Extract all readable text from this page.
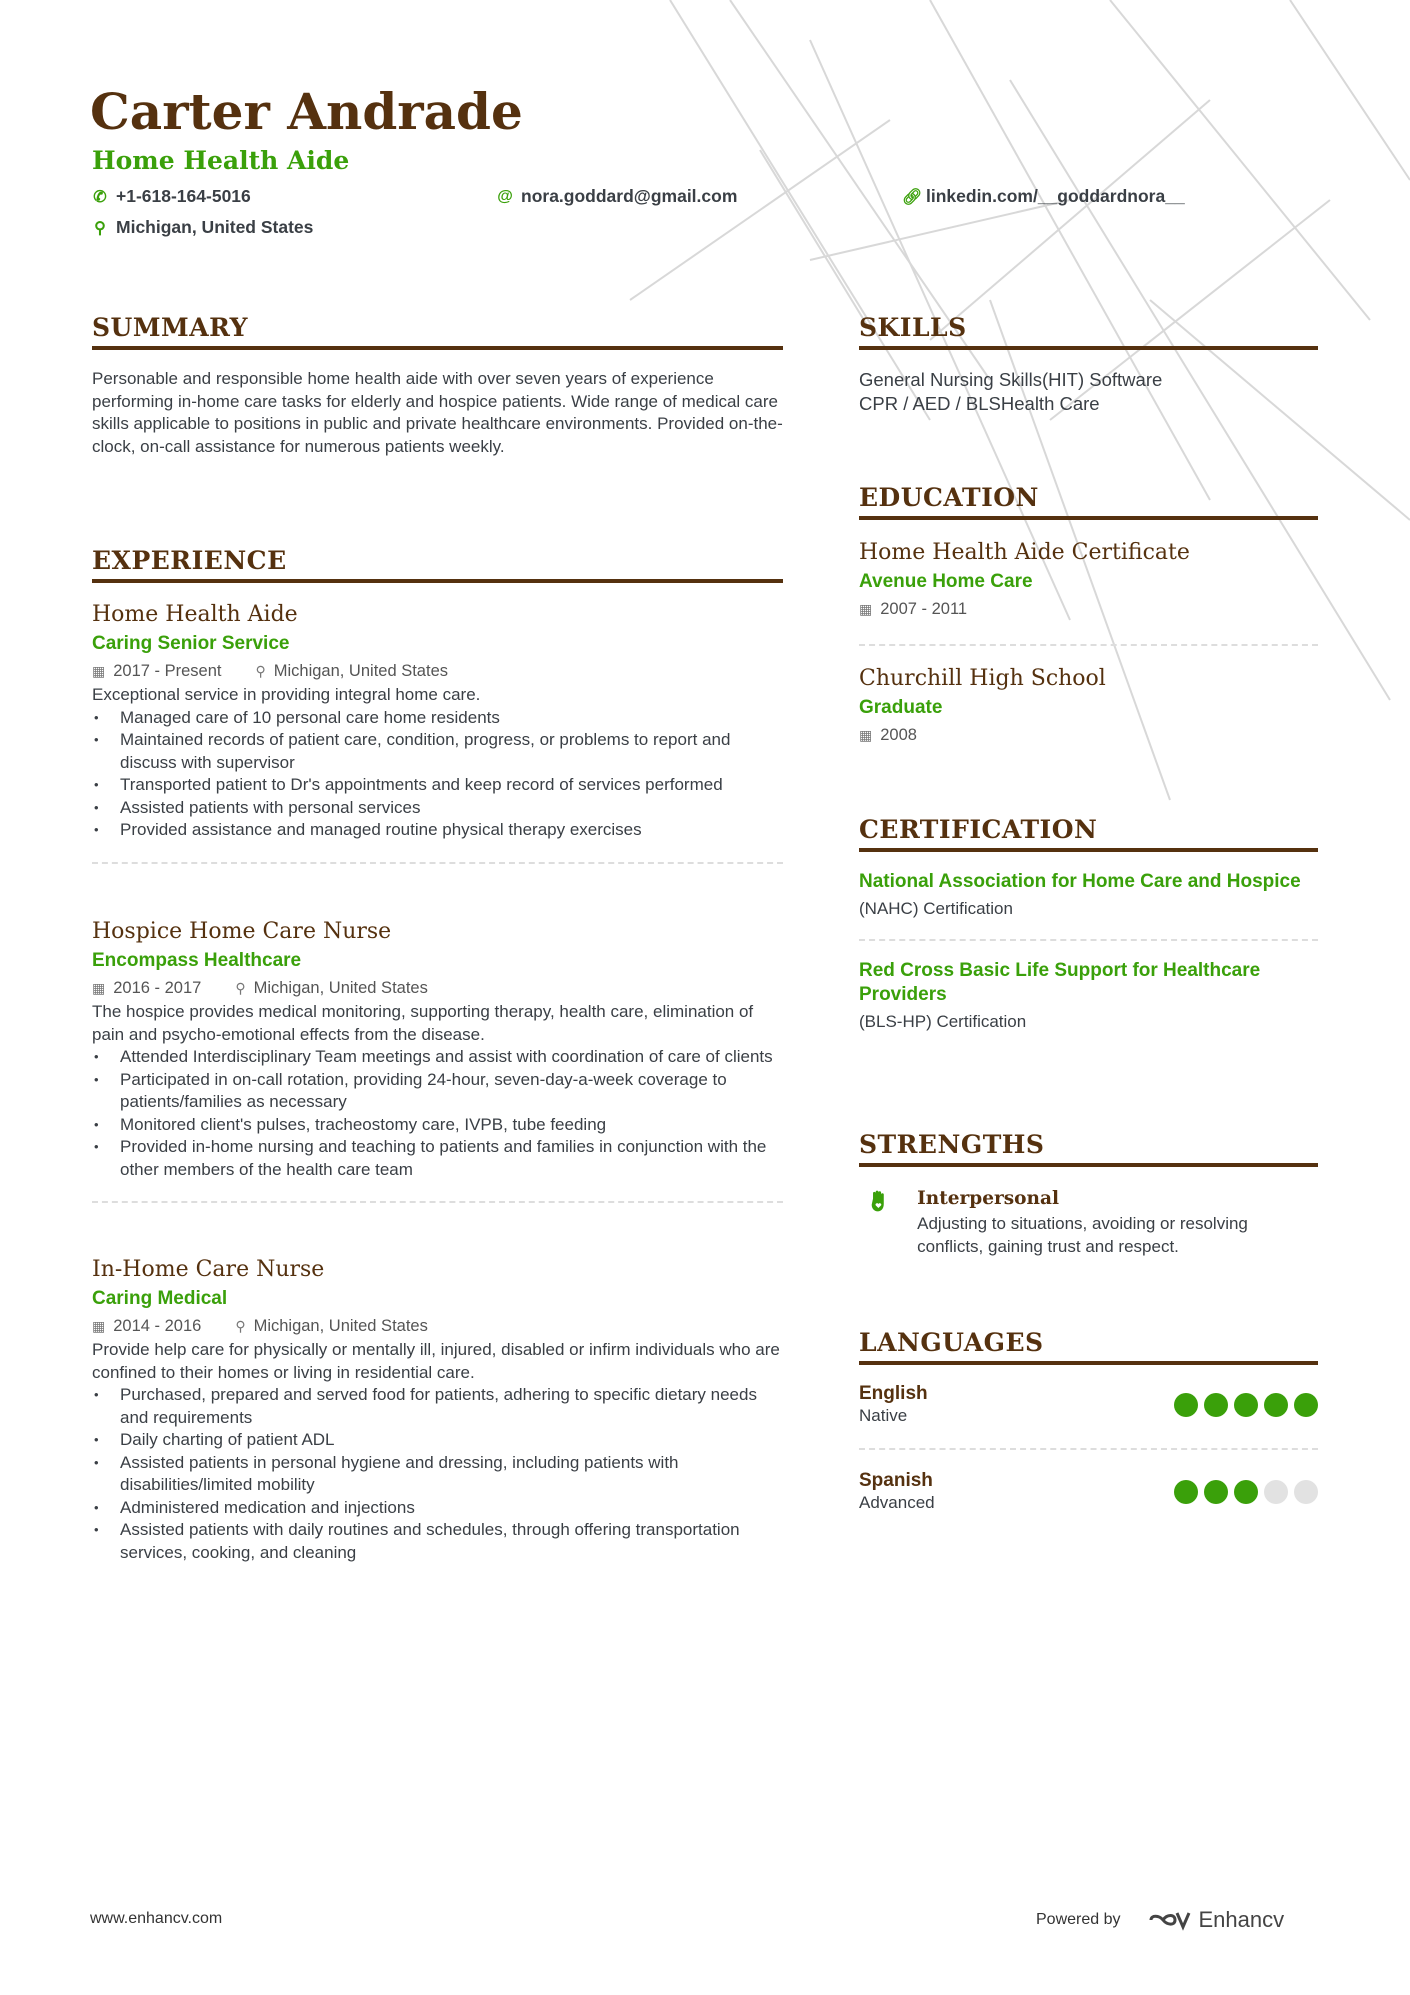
Carter Andrade
Home Health Aide
✆ +1-618-164-5016	@ nora.goddard@gmail.com	🔗︎ linkedin.com/__goddardnora__
⚲ Michigan, United States
SUMMARY

Personable and responsible home health aide with over seven years of experience performing in-home care tasks for elderly and hospice patients. Wide range of medical care skills applicable to positions in public and private healthcare environments. Provided on-the-clock, on-call assistance for numerous patients weekly.

EXPERIENCE
Home Health Aide
Caring Senior Service
▦ 2017 - Present ⚲ Michigan, United States

Exceptional service in providing integral home care.

• Managed care of 10 personal care home residents
• Maintained records of patient care, condition, progress, or problems to report and discuss with supervisor
• Transported patient to Dr's appointments and keep record of services performed
• Assisted patients with personal services
• Provided assistance and managed routine physical therapy exercises
Hospice Home Care Nurse
Encompass Healthcare
▦ 2016 - 2017 ⚲ Michigan, United States

The hospice provides medical monitoring, supporting therapy, health care, elimination of pain and psycho-emotional effects from the disease.

• Attended Interdisciplinary Team meetings and assist with coordination of care of clients
• Participated in on-call rotation, providing 24-hour, seven-day-a-week coverage to patients/families as necessary
• Monitored client's pulses, tracheostomy care, IVPB, tube feeding
• Provided in-home nursing and teaching to patients and families in conjunction with the other members of the health care team
In-Home Care Nurse
Caring Medical
▦ 2014 - 2016 ⚲ Michigan, United States

Provide help care for physically or mentally ill, injured, disabled or infirm individuals who are confined to their homes or living in residential care.

• Purchased, prepared and served food for patients, adhering to specific dietary needs and requirements
• Daily charting of patient ADL
• Assisted patients in personal hygiene and dressing, including patients with disabilities/limited mobility
• Administered medication and injections
• Assisted patients with daily routines and schedules, through offering transportation services, cooking, and cleaning
SKILLS

General Nursing Skills(HIT) Software

CPR / AED / BLSHealth Care

EDUCATION
Home Health Aide Certificate
Avenue Home Care
▦ 2007 - 2011
Churchill High School
Graduate
▦ 2008
CERTIFICATION
National Association for Home Care and Hospice

(NAHC) Certification

Red Cross Basic Life Support for Healthcare Providers

(BLS-HP) Certification

STRENGTHS
Interpersonal

Adjusting to situations, avoiding or resolving conflicts, gaining trust and respect.

LANGUAGES
English

Native

Spanish

Advanced

www.enhancv.com	Powered by	Enhancv
